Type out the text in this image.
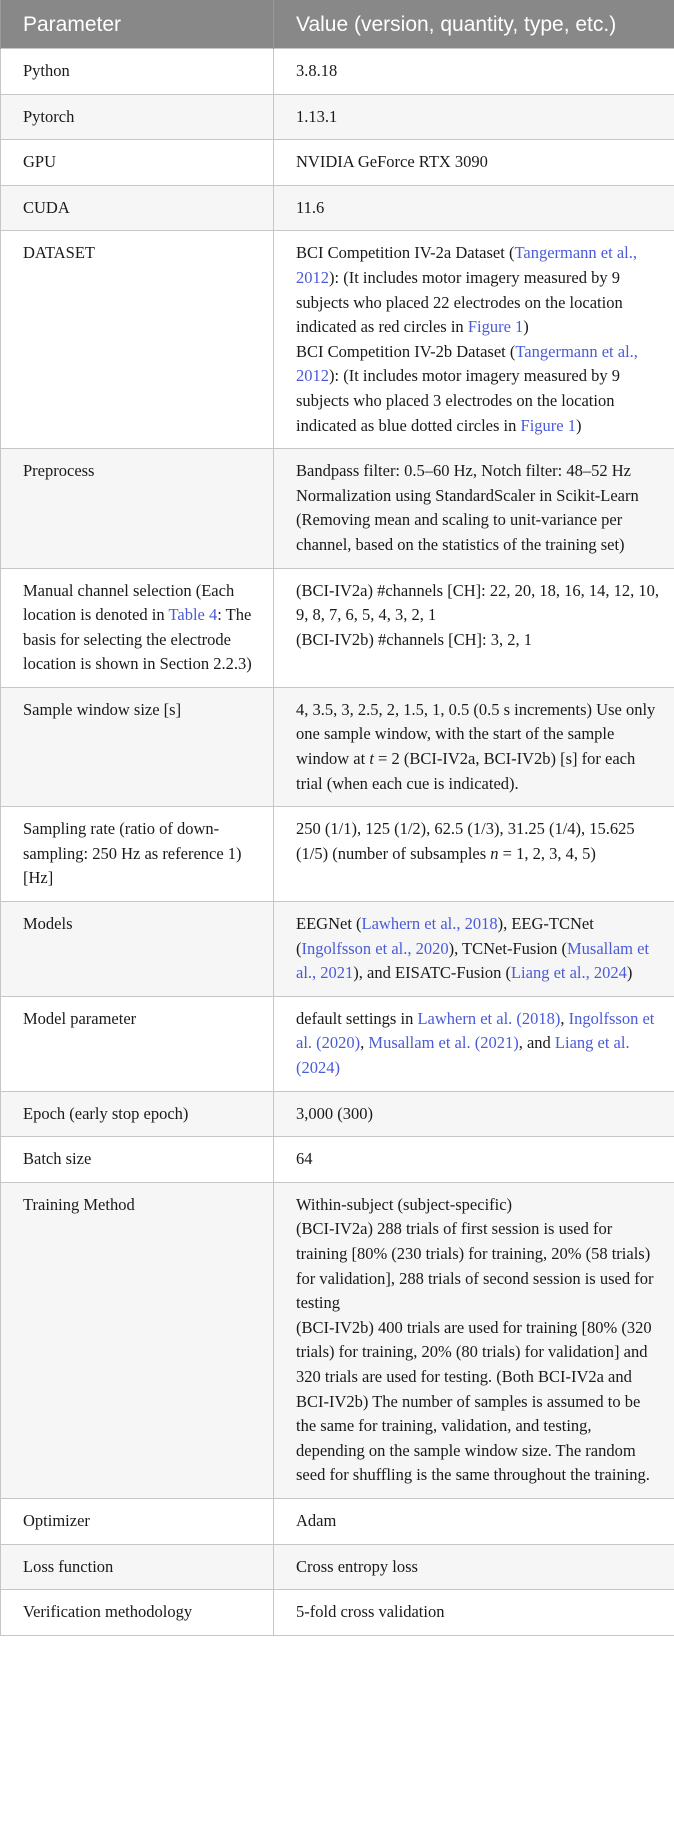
Parameter	Value (version, quantity, type, etc.)
Python	3.8.18
Pytorch	1.13.1
GPU	NVIDIA GeForce RTX 3090
CUDA	11.6
DATASET	BCI Competition IV-2a Dataset (Tangermann et al., 2012): (It includes motor imagery measured by 9 subjects who placed 22 electrodes on the location indicated as red circles in Figure 1)
BCI Competition IV-2b Dataset (Tangermann et al., 2012): (It includes motor imagery measured by 9 subjects who placed 3 electrodes on the location indicated as blue dotted circles in Figure 1)

Preprocess	Bandpass filter: 0.5–60 Hz, Notch filter: 48–52 Hz Normalization using StandardScaler in Scikit-Learn (Removing mean and scaling to unit-variance per channel, based on the statistics of the training set)
Manual channel selection (Each location is denoted in Table 4: The basis for selecting the electrode location is shown in Section 2.2.3)	(BCI-IV2a) #channels [CH]: 22, 20, 18, 16, 14, 12, 10, 9, 8, 7, 6, 5, 4, 3, 2, 1
(BCI-IV2b) #channels [CH]: 3, 2, 1

Sample window size [s]	4, 3.5, 3, 2.5, 2, 1.5, 1, 0.5 (0.5 s increments) Use only one sample window, with the start of the sample window at t = 2 (BCI-IV2a, BCI-IV2b) [s] for each trial (when each cue is indicated).
Sampling rate (ratio of down-sampling: 250 Hz as reference 1) [Hz]	250 (1/1), 125 (1/2), 62.5 (1/3), 31.25 (1/4), 15.625 (1/5) (number of subsamples n = 1, 2, 3, 4, 5)
Models	EEGNet (Lawhern et al., 2018), EEG-TCNet (Ingolfsson et al., 2020), TCNet-Fusion (Musallam et al., 2021), and EISATC-Fusion (Liang et al., 2024)
Model parameter	default settings in Lawhern et al. (2018), Ingolfsson et al. (2020), Musallam et al. (2021), and Liang et al. (2024)
Epoch (early stop epoch)	3,000 (300)
Batch size	64
Training Method	Within-subject (subject-specific)
(BCI-IV2a) 288 trials of first session is used for training [80% (230 trials) for training, 20% (58 trials) for validation], 288 trials of second session is used for testing
(BCI-IV2b) 400 trials are used for training [80% (320 trials) for training, 20% (80 trials) for validation] and 320 trials are used for testing. (Both BCI-IV2a and BCI-IV2b) The number of samples is assumed to be the same for training, validation, and testing, depending on the sample window size. The random seed for shuffling is the same throughout the training.

Optimizer	Adam
Loss function	Cross entropy loss
Verification methodology	5-fold cross validation
